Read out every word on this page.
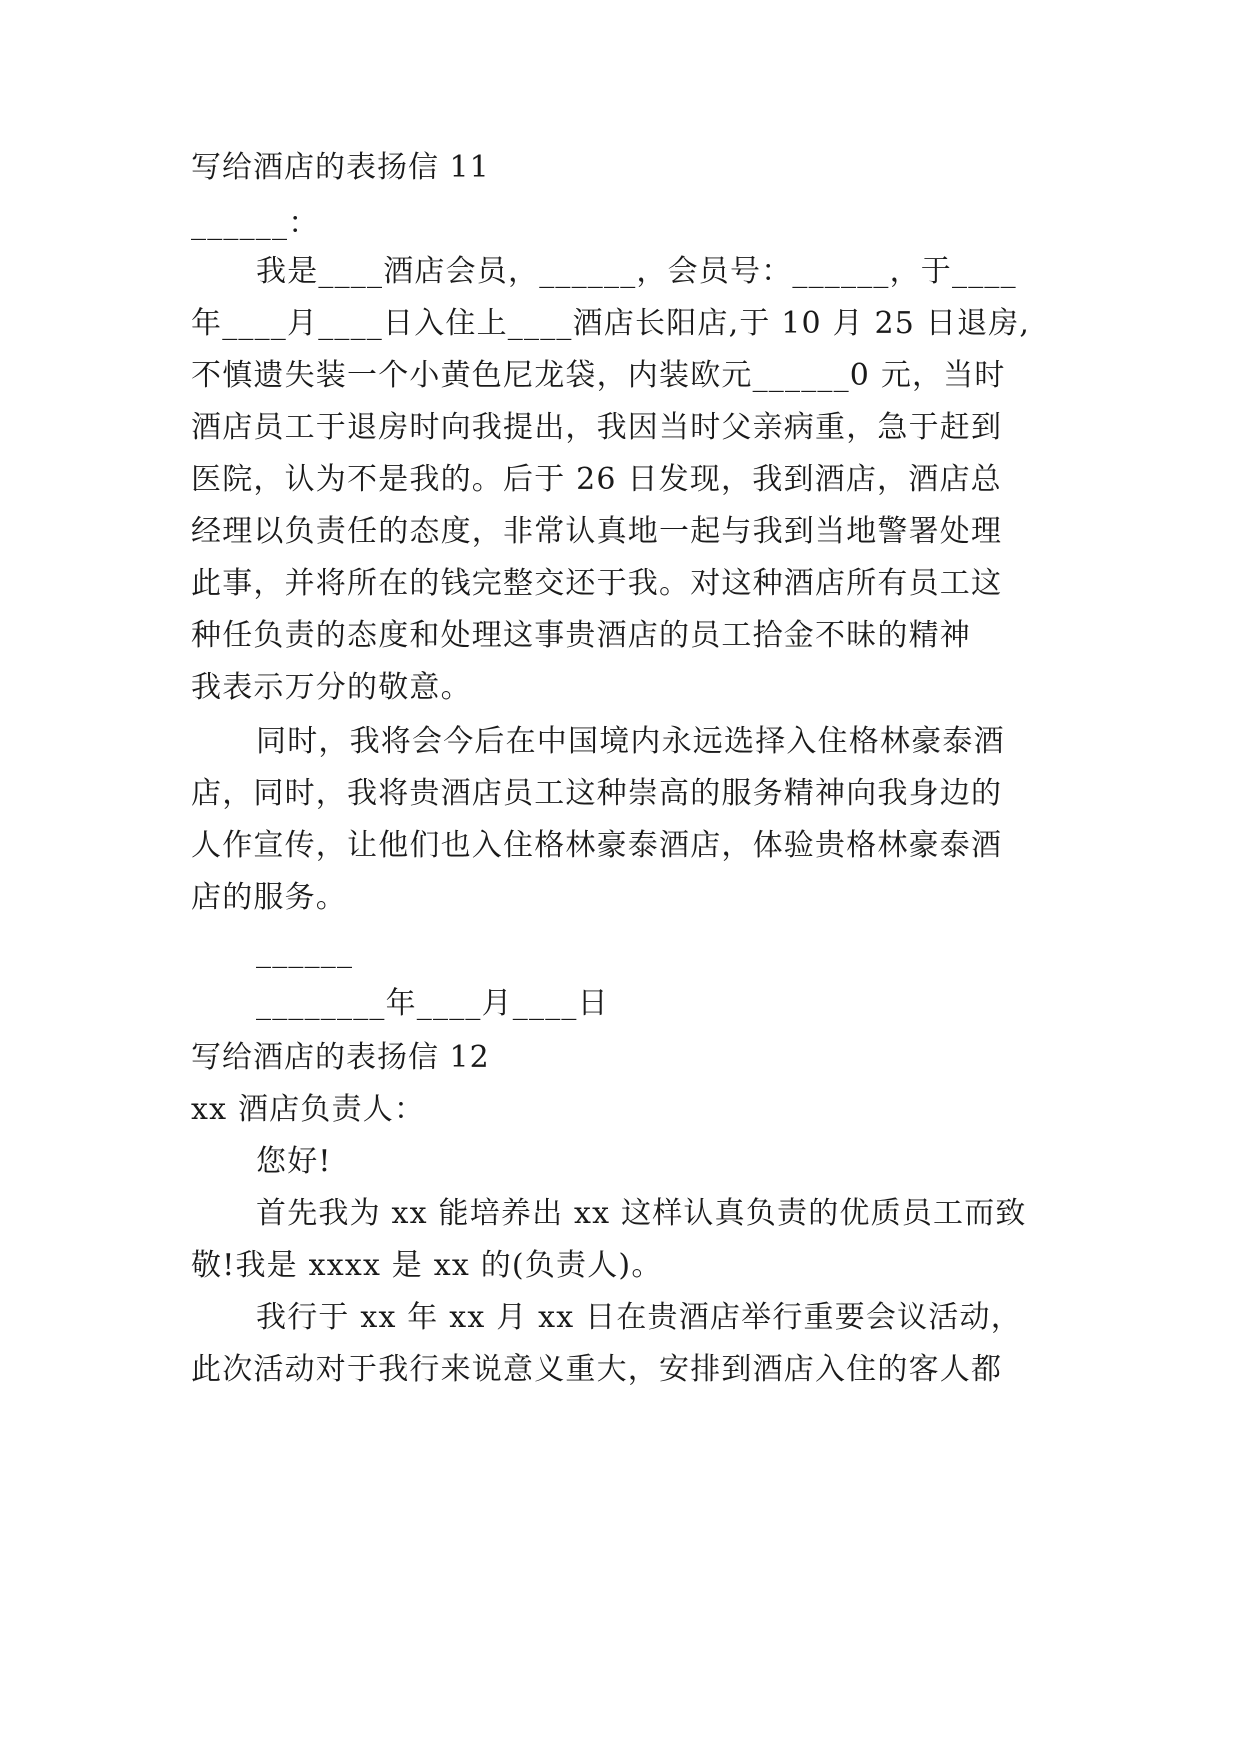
写给酒店的表扬信 11
______：
我是____酒店会员，______，会员号：______，于____
年____月____日入住上____酒店长阳店,于 10 月 25 日退房,
不慎遗失装一个小黄色尼龙袋，内装欧元______0 元，当时
酒店员工于退房时向我提出，我因当时父亲病重，急于赶到
医院，认为不是我的。后于 26 日发现，我到酒店，酒店总
经理以负责任的态度，非常认真地一起与我到当地警署处理
此事，并将所在的钱完整交还于我。对这种酒店所有员工这
种任负责的态度和处理这事贵酒店的员工拾金不昧的精神
我表示万分的敬意。
同时，我将会今后在中国境内永远选择入住格林豪泰酒
店，同时，我将贵酒店员工这种崇高的服务精神向我身边的
人作宣传，让他们也入住格林豪泰酒店，体验贵格林豪泰酒
店的服务。
______
________年____月____日
写给酒店的表扬信 12
xx 酒店负责人：
您好!
首先我为 xx 能培养出 xx 这样认真负责的优质员工而致
敬!我是 xxxx 是 xx 的(负责人)。
我行于 xx 年 xx 月 xx 日在贵酒店举行重要会议活动，
此次活动对于我行来说意义重大，安排到酒店入住的客人都
